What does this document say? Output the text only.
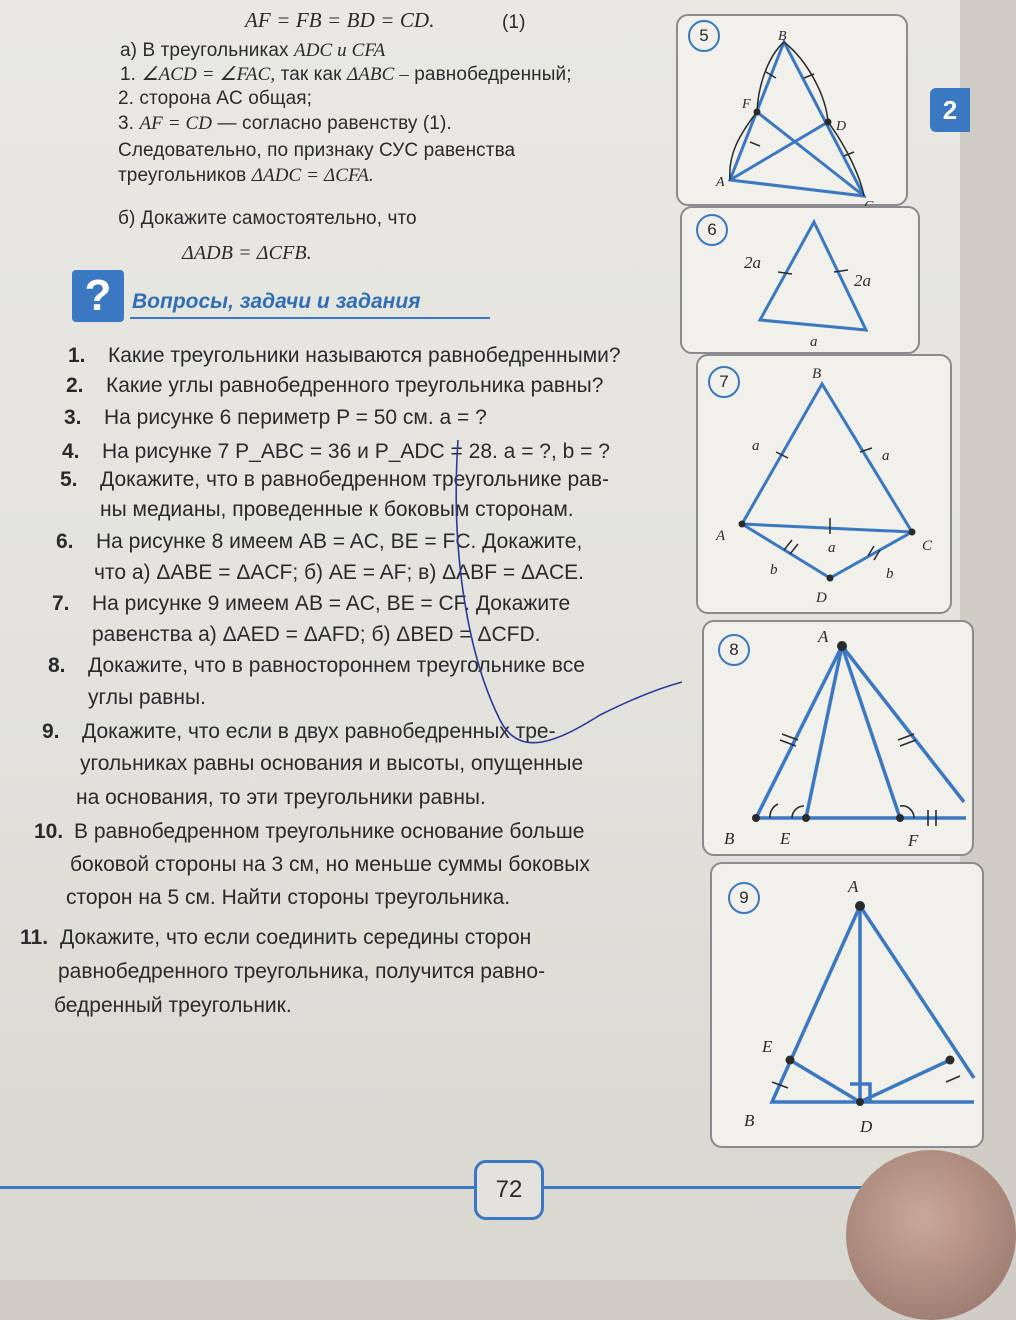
AF = FB = BD = CD.	(1)
а) В треугольниках ADC и CFA
1. ∠ACD = ∠FAC, так как ΔABC – равнобедренный;
2. сторона AC общая;
3. AF = CD — согласно равенству (1).
Следовательно, по признаку СУС равенства
треугольников ΔADC = ΔCFA.
б) Докажите самостоятельно, что
ΔADB = ΔCFB.
? Вопросы, задачи и задания
1. Какие треугольники называются равнобедренными?
2. Какие углы равнобедренного треугольника равны?
3. На рисунке 6 периметр P = 50 см. a = ?
4. На рисунке 7 P_ABC = 36 и P_ADC = 28. a = ?, b = ?
5. Докажите, что в равнобедренном треугольнике рав-
ны медианы, проведенные к боковым сторонам.
6. На рисунке 8 имеем AB = AC, BE = FC. Докажите,
что а) ΔABE = ΔACF; б) AE = AF; в) ΔABF = ΔACE.
7. На рисунке 9 имеем AB = AC, BE = CF. Докажите
равенства а) ΔAED = ΔAFD; б) ΔBED = ΔCFD.
8. Докажите, что в равностороннем треугольнике все
углы равны.
9. Докажите, что если в двух равнобедренных тре-
угольниках равны основания и высоты, опущенные
на основания, то эти треугольники равны.
10. В равнобедренном треугольнике основание больше
боковой стороны на 3 см, но меньше суммы боковых
сторон на 5 см. Найти стороны треугольника.
11. Докажите, что если соединить середины сторон
равнобедренного треугольника, получится равно-
бедренный треугольник.
2
5	B
F
D
A
6
2a
2a
a
7	B
a
a
A
C
a
b	b
D
8
A
B	E	F
9
A
E
B	D
72
